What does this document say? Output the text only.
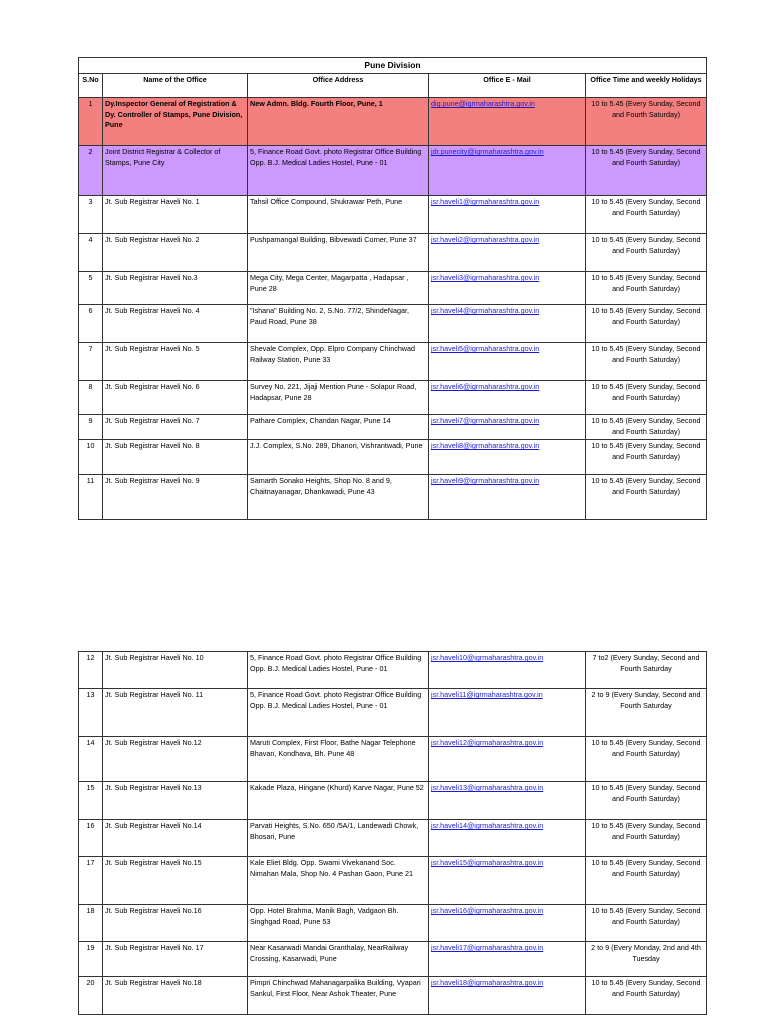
Pune Division				
S.No	Name of the Office	Office Address	Office E - Mail	Office Time and weekly Holidays
1	Dy.Inspector General of Registration & Dy. Controller of Stamps, Pune Division, Pune	New Admn. Bldg. Fourth Floor, Pune, 1	dig.pune@igrmaharashtra.gov.in	10 to 5.45 (Every Sunday, Second and Fourth Saturday)
2	Joint District Registrar & Collector of Stamps, Pune City	5, Finance Road Govt. photo Registrar Office Building Opp. B.J. Medical Ladies Hostel, Pune - 01	jdr.punecity@igrmaharashtra.gov.in	10 to 5.45 (Every Sunday, Second and Fourth Saturday)
3	Jt. Sub Registrar Haveli No. 1	Tahsil Office Compound, Shukrawar Peth, Pune	jsr.haveli1@igrmaharashtra.gov.in	10 to 5.45 (Every Sunday, Second and Fourth Saturday)
4	Jt. Sub Registrar Haveli No. 2	Pushpamangal Building, Bibvewadi Corner, Pune 37	jsr.haveli2@igrmaharashtra.gov.in	10 to 5.45 (Every Sunday, Second and Fourth Saturday)
5	Jt. Sub Registrar Haveli No.3	Mega City, Mega Center, Magarpatta , Hadapsar , Pune 28	jsr.haveli3@igrmaharashtra.gov.in	10 to 5.45 (Every Sunday, Second and Fourth Saturday)
6	Jt. Sub Registrar Haveli No. 4	"Ishana" Building No. 2, S.No. 77/2, ShindeNagar, Paud Road, Pune 38	jsr.haveli4@igrmaharashtra.gov.in	10 to 5.45 (Every Sunday, Second and Fourth Saturday)
7	Jt. Sub Registrar Haveli No. 5	Shevale Complex, Opp. Elpro Company Chinchwad Railway Station, Pune 33	jsr.haveli5@igrmaharashtra.gov.in	10 to 5.45 (Every Sunday, Second and Fourth Saturday)
8	Jt. Sub Registrar Haveli No. 6	Survey No. 221, Jijaji Mention Pune - Solapur Road, Hadapsar, Pune 28	jsr.haveli6@igrmaharashtra.gov.in	10 to 5.45 (Every Sunday, Second and Fourth Saturday)
9	Jt. Sub Registrar Haveli No. 7	Pathare Complex, Chandan Nagar, Pune 14	jsr.haveli7@igrmaharashtra.gov.in	10 to 5.45 (Every Sunday, Second and Fourth Saturday)
10	Jt. Sub Registrar Haveli No. 8	J.J. Complex, S.No. 289, Dhanori, Vishrantwadi, Pune	jsr.haveli8@igrmaharashtra.gov.in	10 to 5.45 (Every Sunday, Second and Fourth Saturday)
11	Jt. Sub Registrar Haveli No. 9	Samarth Sonako Heights, Shop No. 8 and 9, Chaitnayanagar, Dhankawadi, Pune 43	jsr.haveli9@igrmaharashtra.gov.in	10 to 5.45 (Every Sunday, Second and Fourth Saturday)
12	Jt. Sub Registrar Haveli No. 10	5, Finance Road Govt. photo Registrar Office Building Opp. B.J. Medical Ladies Hostel, Pune - 01	jsr.haveli10@igrmaharashtra.gov.in	7 to2 (Every Sunday, Second and Fourth Saturday
13	Jt. Sub Registrar Haveli No. 11	5, Finance Road Govt. photo Registrar Office Building Opp. B.J. Medical Ladies Hostel, Pune - 01	jsr.haveli11@igrmaharashtra.gov.in	2 to 9 (Every Sunday, Second and Fourth Saturday
14	Jt. Sub Registrar Haveli No.12	Maruti Complex, First Floor, Bathe Nagar Telephone Bhavan, Kondhava, Bh. Pune 48	jsr.haveli12@igrmaharashtra.gov.in	10 to 5.45 (Every Sunday, Second and Fourth Saturday)
15	Jt. Sub Registrar Haveli No.13	Kakade Plaza, Hingane (Khurd) Karve Nagar, Pune 52	jsr.haveli13@igrmaharashtra.gov.in	10 to 5.45 (Every Sunday, Second and Fourth Saturday)
16	Jt. Sub Registrar Haveli No.14	Parvati Heights, S.No. 650 /5A/1, Landewadi Chowk, Bhosari, Pune	jsr.haveli14@igrmaharashtra.gov.in	10 to 5.45 (Every Sunday, Second and Fourth Saturday)
17	Jt. Sub Registrar Haveli No.15	Kale Eliet Bldg. Opp. Swami Vivekanand Soc. Nimahan Mala, Shop No. 4 Pashan Gaon, Pune 21	jsr.haveli15@igrmaharashtra.gov.in	10 to 5.45 (Every Sunday, Second and Fourth Saturday)
18	Jt. Sub Registrar Haveli No.16	Opp. Hotel Brahma, Manik Bagh, Vadgaon Bh. Singhgad Road, Pune 53	jsr.haveli16@igrmaharashtra.gov.in	10 to 5.45 (Every Sunday, Second and Fourth Saturday)
19	Jt. Sub Registrar Haveli No. 17	Near Kasarwadi Mandai Granthalay, NearRailway Crossing, Kasarwadi, Pune	jsr.haveli17@igrmaharashtra.gov.in	2 to 9 (Every Monday, 2nd and 4th Tuesday
20	Jt. Sub Registrar Haveli No.18	Pimpri Chinchwad Mahanagarpalika Building, Vyapari Sankul, First Floor, Near Ashok Theater, Pune	jsr.haveli18@igrmaharashtra.gov.in	10 to 5.45 (Every Sunday, Second and Fourth Saturday)
